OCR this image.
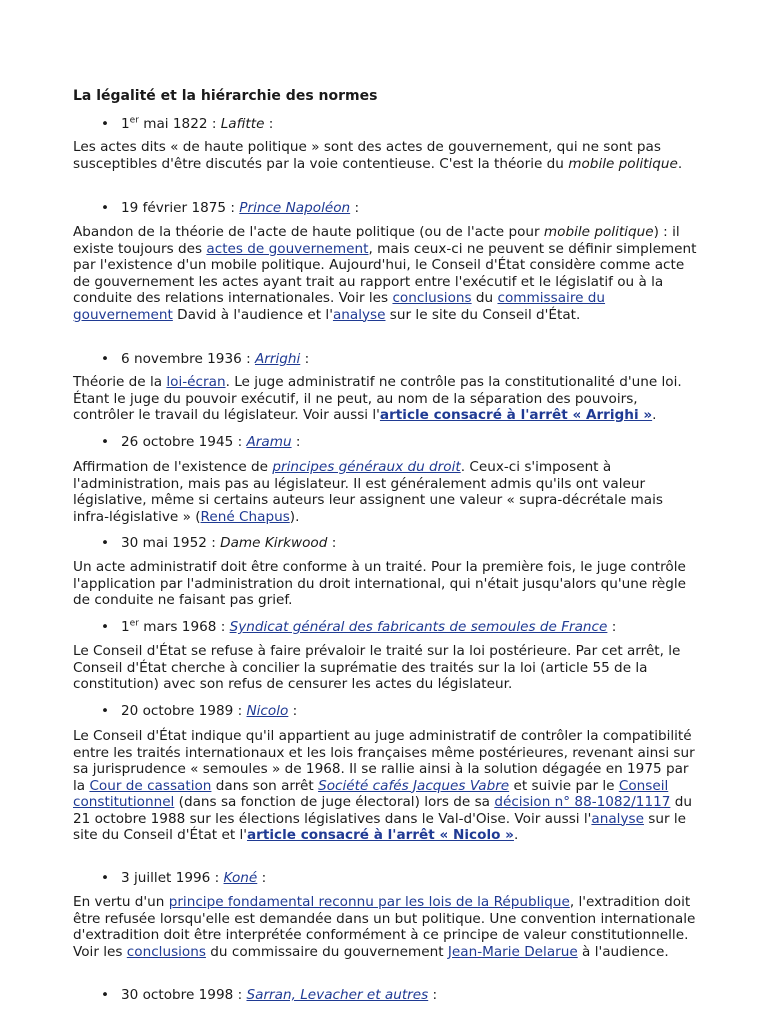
La légalité et la hiérarchie des normes
• 1er mai 1822 : Lafitte :
Les actes dits « de haute politique » sont des actes de gouvernement, qui ne sont pas susceptibles d'être discutés par la voie contentieuse. C'est la théorie du mobile politique.
• 19 février 1875 : Prince Napoléon :
Abandon de la théorie de l'acte de haute politique (ou de l'acte pour mobile politique) : il existe toujours des actes de gouvernement, mais ceux-ci ne peuvent se définir simplement par l'existence d'un mobile politique. Aujourd'hui, le Conseil d'État considère comme acte de gouvernement les actes ayant trait au rapport entre l'exécutif et le législatif ou à la conduite des relations internationales. Voir les conclusions du commissaire du gouvernement David à l'audience et l'analyse sur le site du Conseil d'État.
• 6 novembre 1936 : Arrighi :
Théorie de la loi-écran. Le juge administratif ne contrôle pas la constitutionalité d'une loi. Étant le juge du pouvoir exécutif, il ne peut, au nom de la séparation des pouvoirs, contrôler le travail du législateur. Voir aussi l'article consacré à l'arrêt « Arrighi ».
• 26 octobre 1945 : Aramu :
Affirmation de l'existence de principes généraux du droit. Ceux-ci s'imposent à l'administration, mais pas au législateur. Il est généralement admis qu'ils ont valeur législative, même si certains auteurs leur assignent une valeur « supra-décrétale mais infra-législative » (René Chapus).
• 30 mai 1952 : Dame Kirkwood :
Un acte administratif doit être conforme à un traité. Pour la première fois, le juge contrôle l'application par l'administration du droit international, qui n'était jusqu'alors qu'une règle de conduite ne faisant pas grief.
• 1er mars 1968 : Syndicat général des fabricants de semoules de France :
Le Conseil d'État se refuse à faire prévaloir le traité sur la loi postérieure. Par cet arrêt, le Conseil d'État cherche à concilier la suprématie des traités sur la loi (article 55 de la constitution) avec son refus de censurer les actes du législateur.
• 20 octobre 1989 : Nicolo :
Le Conseil d'État indique qu'il appartient au juge administratif de contrôler la compatibilité entre les traités internationaux et les lois françaises même postérieures, revenant ainsi sur sa jurisprudence « semoules » de 1968. Il se rallie ainsi à la solution dégagée en 1975 par la Cour de cassation dans son arrêt Société cafés Jacques Vabre et suivie par le Conseil constitutionnel (dans sa fonction de juge électoral) lors de sa décision n° 88-1082/1117 du 21 octobre 1988 sur les élections législatives dans le Val-d'Oise. Voir aussi l'analyse sur le site du Conseil d'État et l'article consacré à l'arrêt « Nicolo ».
• 3 juillet 1996 : Koné :
En vertu d'un principe fondamental reconnu par les lois de la République, l'extradition doit être refusée lorsqu'elle est demandée dans un but politique. Une convention internationale d'extradition doit être interprétée conformément à ce principe de valeur constitutionnelle. Voir les conclusions du commissaire du gouvernement Jean-Marie Delarue à l'audience.
• 30 octobre 1998 : Sarran, Levacher et autres :
